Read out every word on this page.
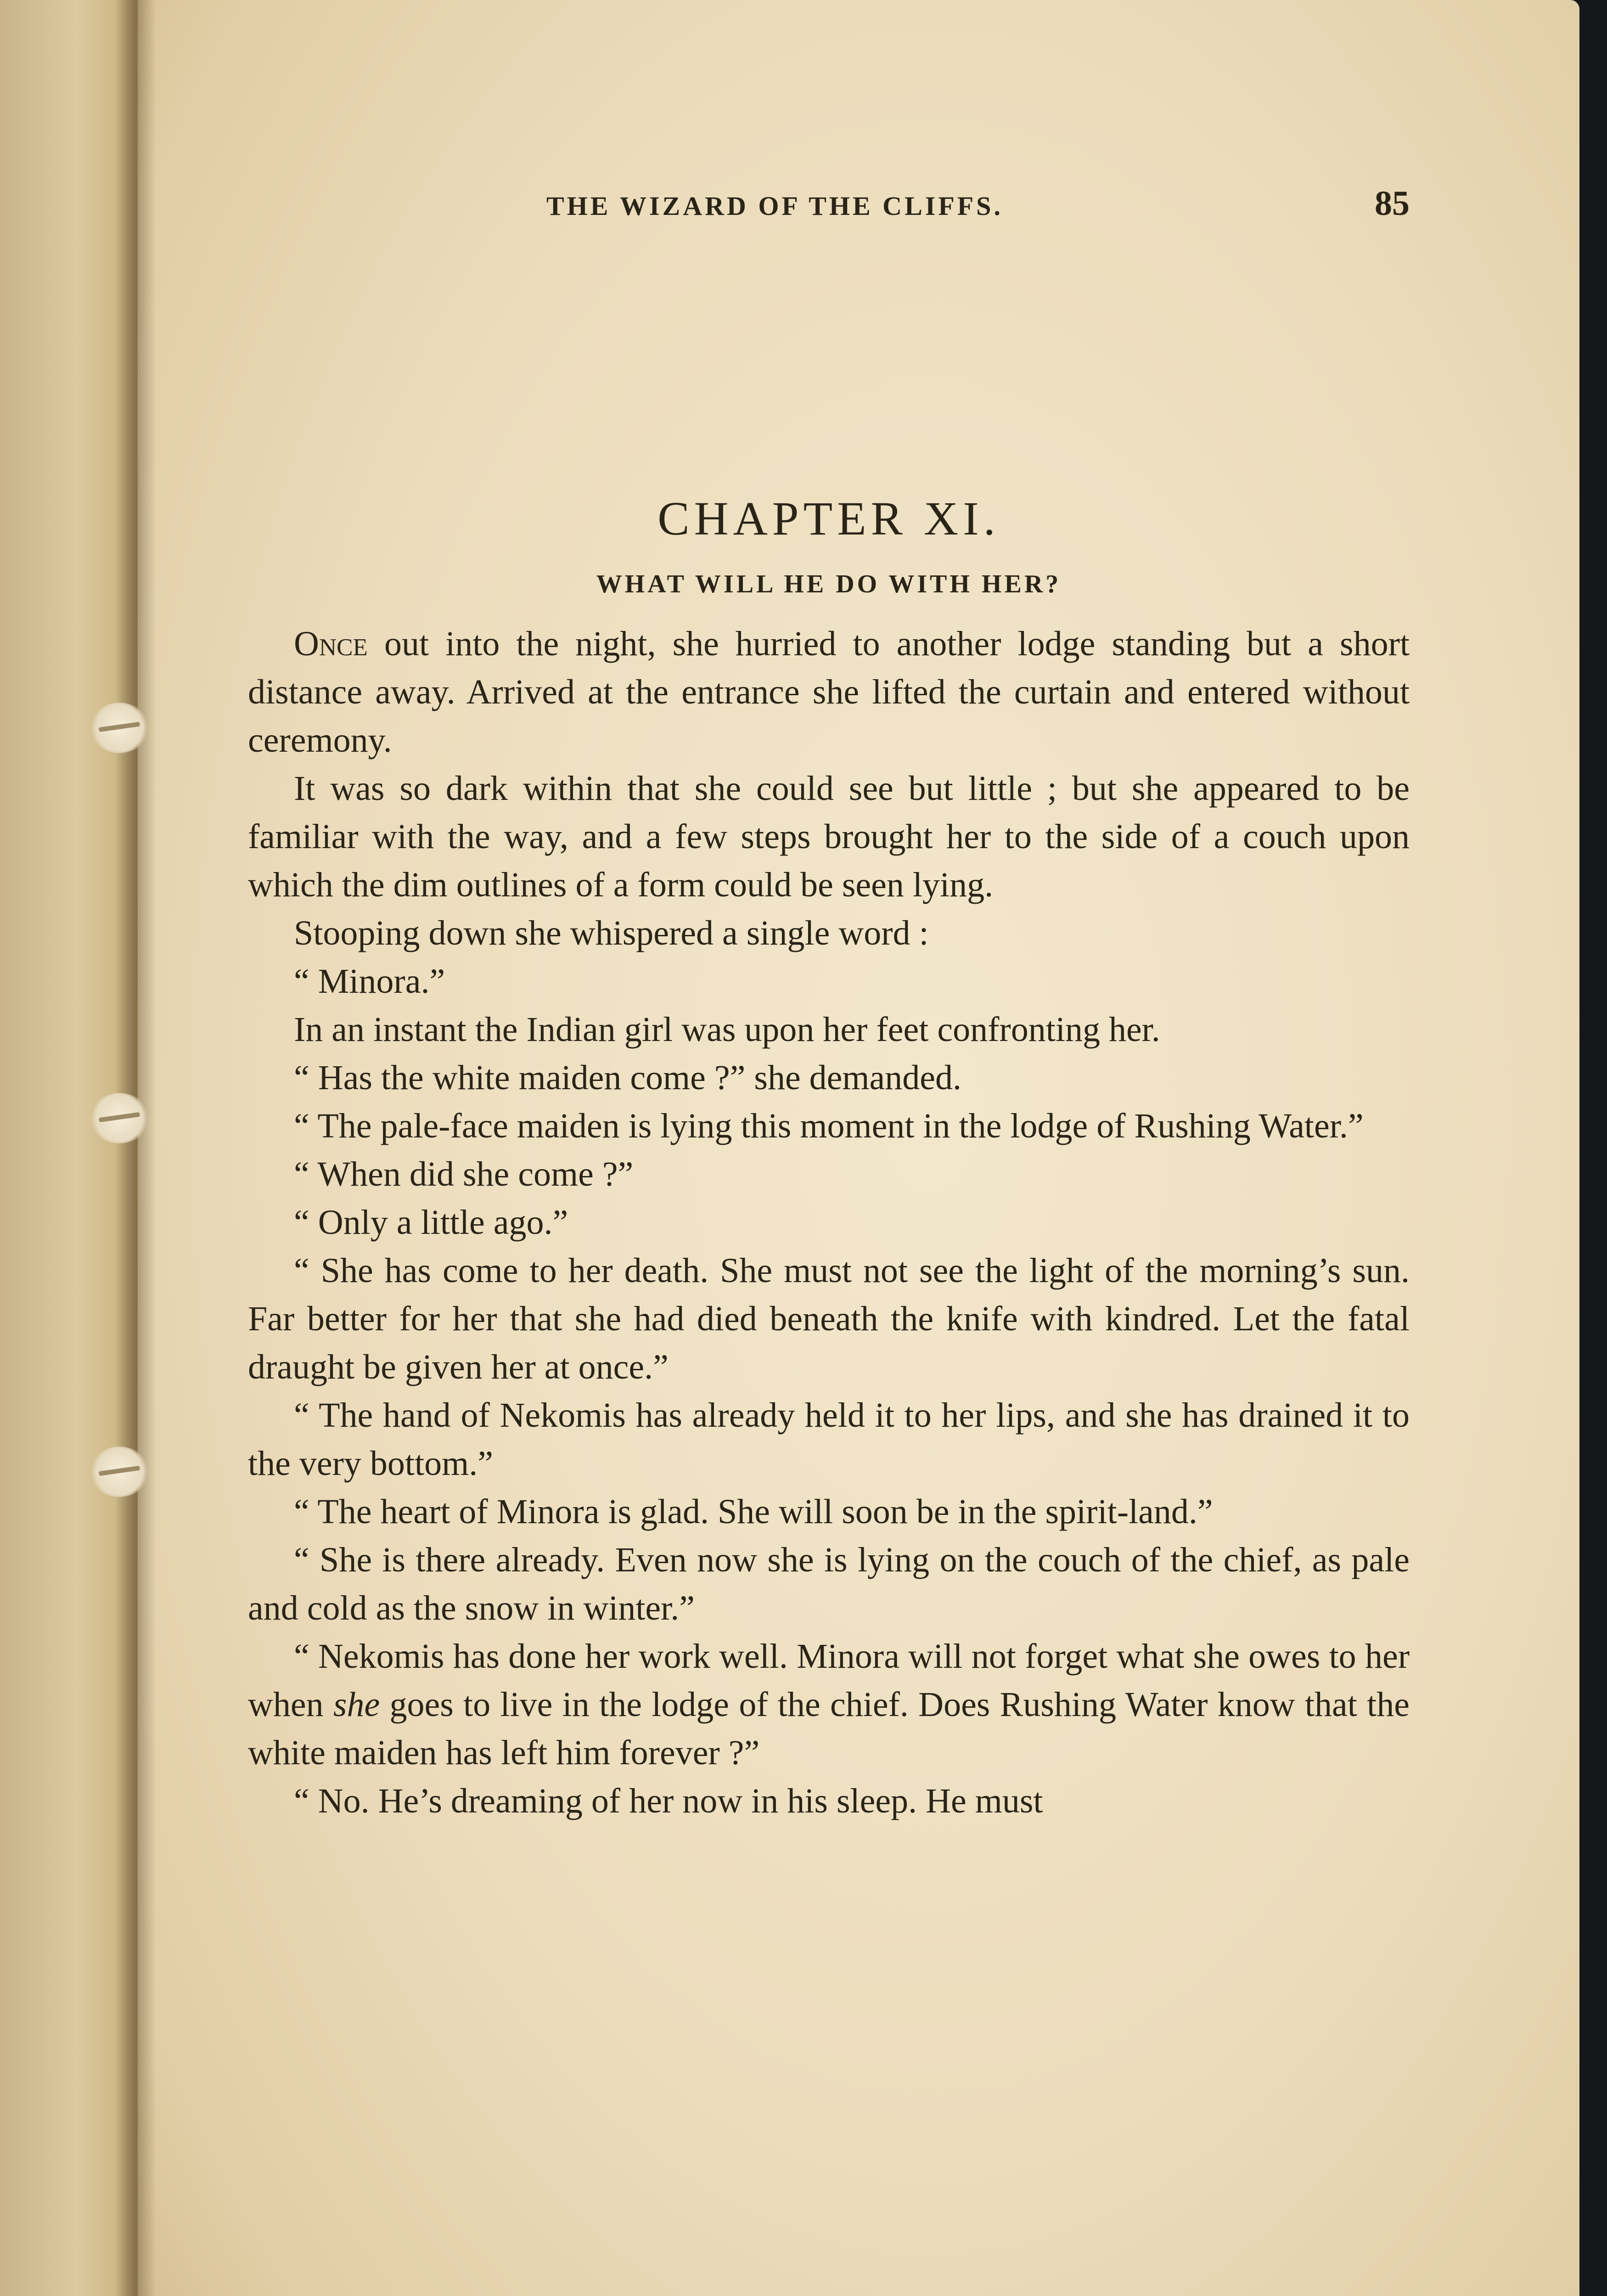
THE WIZARD OF THE CLIFFS.	85
CHAPTER XI.
WHAT WILL HE DO WITH HER?

Once out into the night, she hurried to another lodge standing but a short distance away. Arrived at the entrance she lifted the curtain and entered without ceremony.

It was so dark within that she could see but little ; but she appeared to be familiar with the way, and a few steps brought her to the side of a couch upon which the dim outlines of a form could be seen lying.

Stooping down she whispered a single word :

“ Minora.”

In an instant the Indian girl was upon her feet confronting her.

“ Has the white maiden come ?” she demanded.

“ The pale-face maiden is lying this moment in the lodge of Rushing Water.”

“ When did she come ?”

“ Only a little ago.”

“ She has come to her death. She must not see the light of the morning’s sun. Far better for her that she had died beneath the knife with kindred. Let the fatal draught be given her at once.”

“ The hand of Nekomis has already held it to her lips, and she has drained it to the very bottom.”

“ The heart of Minora is glad. She will soon be in the spirit-land.”

“ She is there already. Even now she is lying on the couch of the chief, as pale and cold as the snow in winter.”

“ Nekomis has done her work well. Minora will not forget what she owes to her when she goes to live in the lodge of the chief. Does Rushing Water know that the white maiden has left him forever ?”

“ No. He’s dreaming of her now in his sleep. He must
